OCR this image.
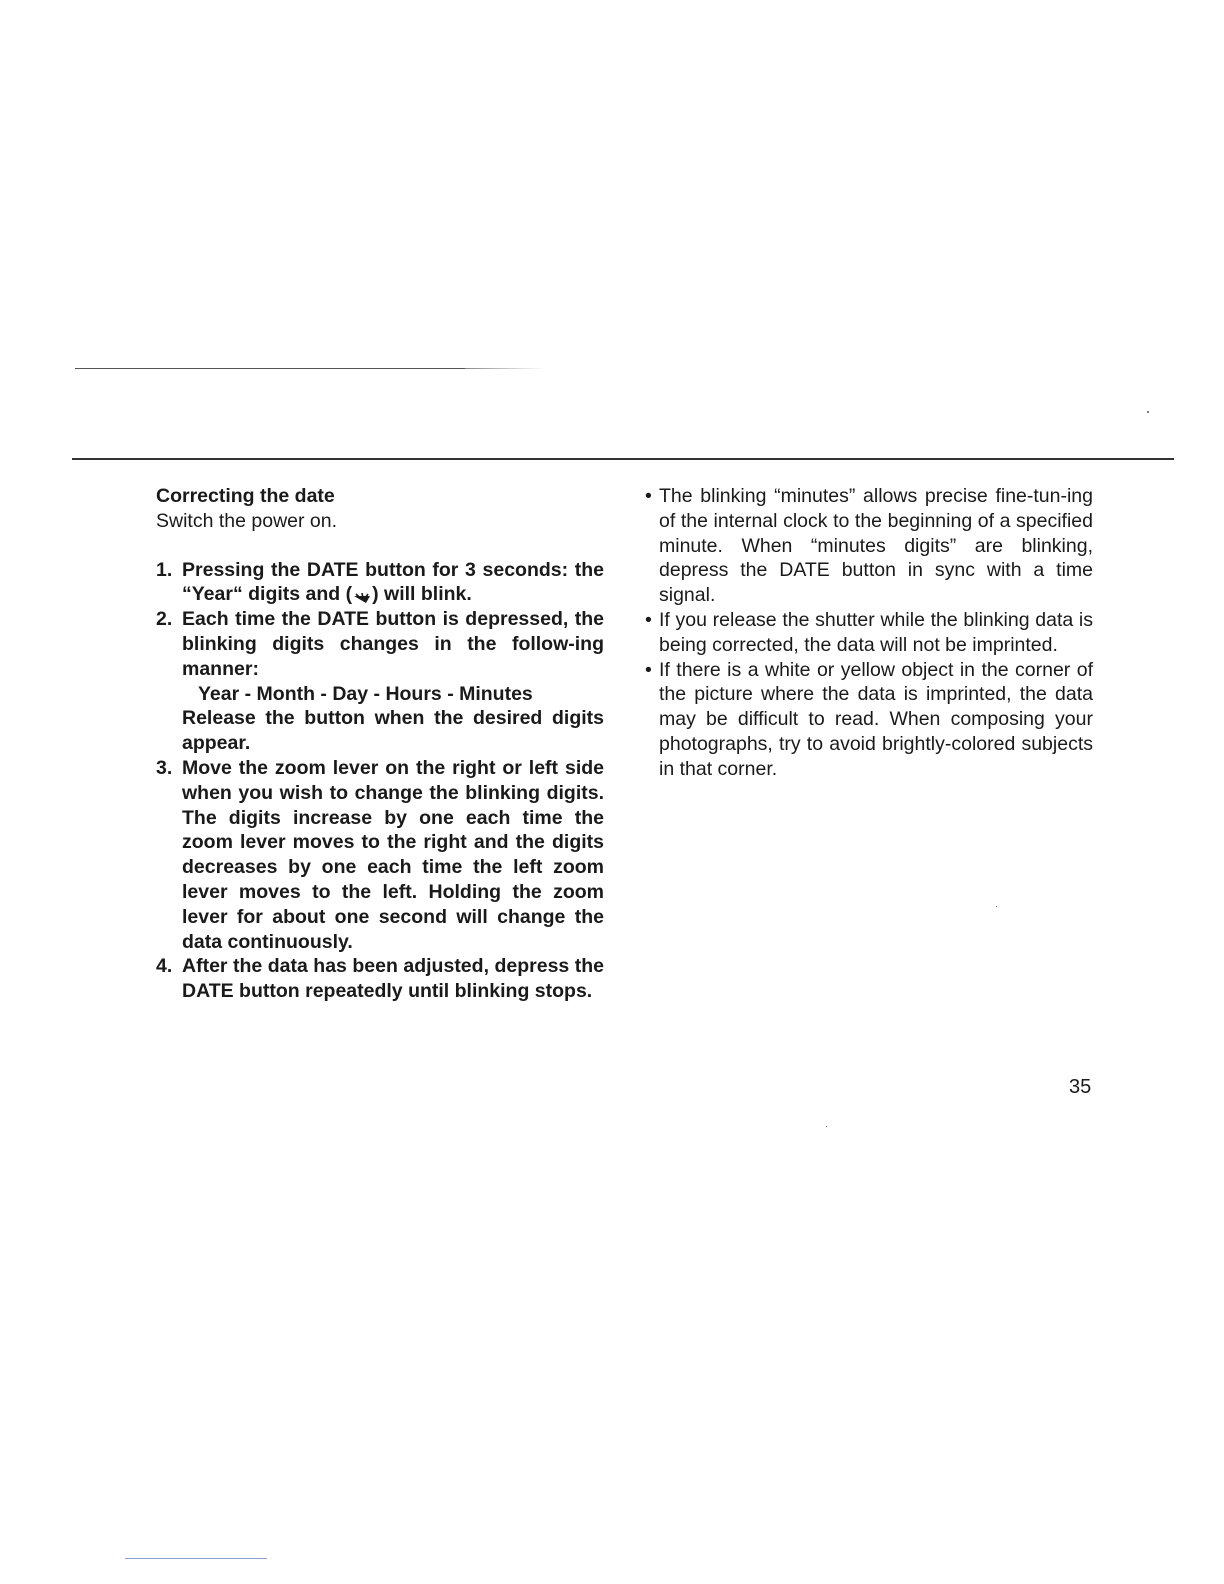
Correcting the date

Switch the power on.

1. Pressing the DATE button for 3 seconds: the “Year“ digits and ( ) will blink.
2. Each time the DATE button is depressed, the blinking digits changes in the follow-ing manner:
Year - Month - Day - Hours - Minutes
Release the button when the desired digits appear.
3. Move the zoom lever on the right or left side when you wish to change the blinking digits. The digits increase by one each time the zoom lever moves to the right and the digits decreases by one each time the left zoom lever moves to the left. Holding the zoom lever for about one second will change the data continuously.
4. After the data has been adjusted, depress the DATE button repeatedly until blinking stops.
• The blinking “minutes” allows precise fine-tun-ing of the internal clock to the beginning of a specified minute. When “minutes digits” are blinking, depress the DATE button in sync with a time signal.
• If you release the shutter while the blinking data is being corrected, the data will not be imprinted.
• If there is a white or yellow object in the corner of the picture where the data is imprinted, the data may be difficult to read. When composing your photographs, try to avoid brightly-colored subjects in that corner.
35
